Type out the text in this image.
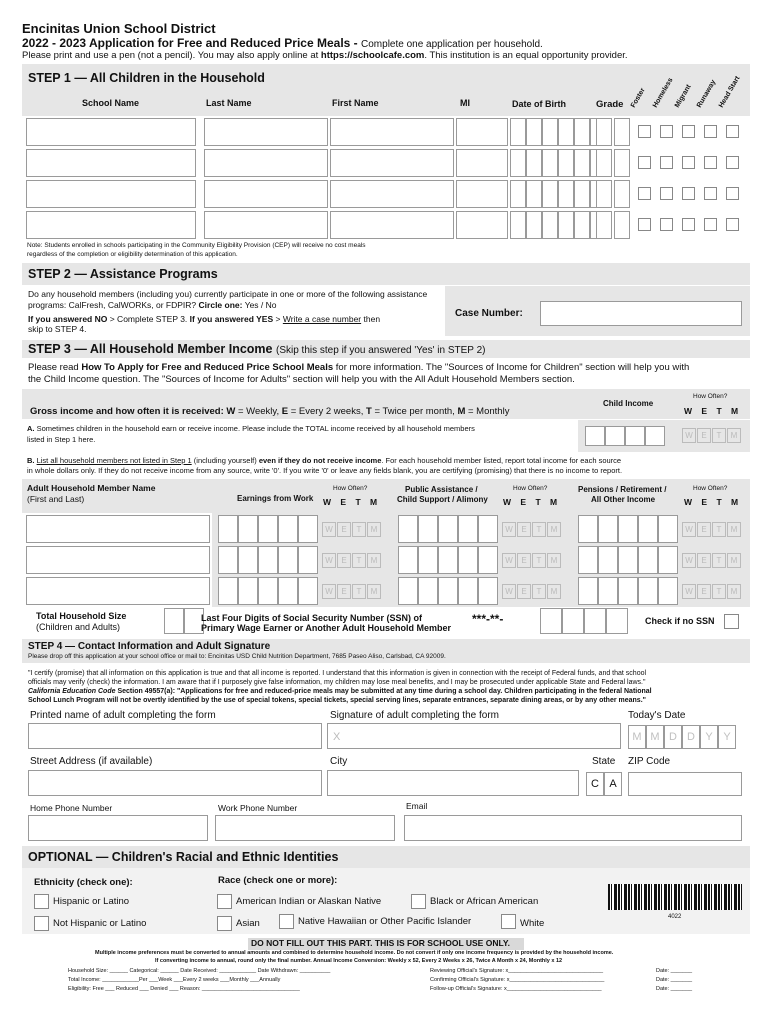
Encinitas Union School District
2022 - 2023 Application for Free and Reduced Price Meals - Complete one application per household.
Please print and use a pen (not a pencil). You may also apply online at https://schoolcafe.com. This institution is an equal opportunity provider.
STEP 1 — All Children in the Household
School Name	Last Name	First Name	MI	Date of Birth	Grade Foster Homeless Migrant Runaway Head Start
Note: Students enrolled in schools participating in the Community Eligibility Provision (CEP) will receive no cost meals
regardless of the completion or eligibility determination of this application.
STEP 2 — Assistance Programs
Do any household members (including you) currently participate in one or more of the following assistance
programs: CalFresh, CalWORKs, or FDPIR? Circle one: Yes / No
If you answered NO > Complete STEP 3. If you answered YES > Write a case number then
skip to STEP 4.
Case Number:
STEP 3 — All Household Member Income (Skip this step if you answered 'Yes' in STEP 2)
Please read How To Apply for Free and Reduced Price School Meals for more information. The "Sources of Income for Children" section will help you with
the Child Income question. The "Sources of Income for Adults" section will help you with the All Adult Household Members section.
Gross income and how often it is received: W = Weekly, E = Every 2 weeks, T = Twice per month, M = Monthly
Child Income
How Often?
W E T M
A. Sometimes children in the household earn or receive income. Please include the TOTAL income received by all household members
listed in Step 1 here.	W	E	T	M
B. List all household members not listed in Step 1 (including yourself) even if they do not receive income. For each household member listed, report total income for each source
in whole dollars only. If they do not receive income from any source, write '0'. If you write '0' or leave any fields blank, you are certifying (promising) that there is no income to report.
Adult Household Member Name
(First and Last)	Earnings from Work
How Often?
W E T M
Public Assistance /
Child Support / Alimony
How Often?
W E T M
Pensions / Retirement /
All Other Income
How Often?
W E T M
W	E	T	M	W	E	T	M	W	E	T	M
W	E	T	M	W	E	T	M	W	E	T	M
W	E	T	M	W	E	T	M	W	E	T	M
Total Household Size
(Children and Adults)
Last Four Digits of Social Security Number (SSN) of
Primary Wage Earner or Another Adult Household Member
***-**-	Check if no SSN
STEP 4 — Contact Information and Adult Signature
Please drop off this application at your school office or mail to: Encinitas USD Child Nutrition Department, 7685 Paseo Aliso, Carlsbad, CA 92009.
"I certify (promise) that all information on this application is true and that all income is reported. I understand that this information is given in connection with the receipt of Federal funds, and that school
officials may verify (check) the information. I am aware that if I purposely give false information, my children may lose meal benefits, and I may be prosecuted under applicable State and Federal laws."
California Education Code Section 49557(a): "Applications for free and reduced-price meals may be submitted at any time during a school day. Children participating in the federal National
School Lunch Program will not be overtly identified by the use of special tokens, special tickets, special serving lines, separate entrances, separate dining areas, or by any other means."
Printed name of adult completing the form	Signature of adult completing the form
X
Today's Date
M M D D Y Y
Street Address (if available)	City	State
C A
ZIP Code
Home Phone Number	Work Phone Number	Email
OPTIONAL — Children's Racial and Ethnic Identities
Ethnicity (check one):	Race (check one or more):
Hispanic or Latino
Not Hispanic or Latino
American Indian or Alaskan Native	Black or African American
Asian	Native Hawaiian or Other Pacific Islander	White
4022
DO NOT FILL OUT THIS PART. THIS IS FOR SCHOOL USE ONLY.
Multiple income preferences must be converted to annual amounts and combined to determine household income. Do not convert if only one income frequency is provided by the household income.
If converting income to annual, round only the final number. Annual Income Conversion: Weekly x 52, Every 2 Weeks x 26, Twice A Month x 24, Monthly x 12
Household Size: ______ Categorical: ______ Date Received: ____________ Date Withdrawn: __________
Total Income: ____________Per ___Week ___Every 2 weeks ___Monthly ___Annually
Eligibility: Free ___ Reduced ___ Denied ___ Reason: ________________________________
Reviewing Official's Signature: x_______________________________
Confirming Official's Signature: x_______________________________
Follow-up Official's Signature: x_______________________________
Date: _______
Date: _______
Date: _______
